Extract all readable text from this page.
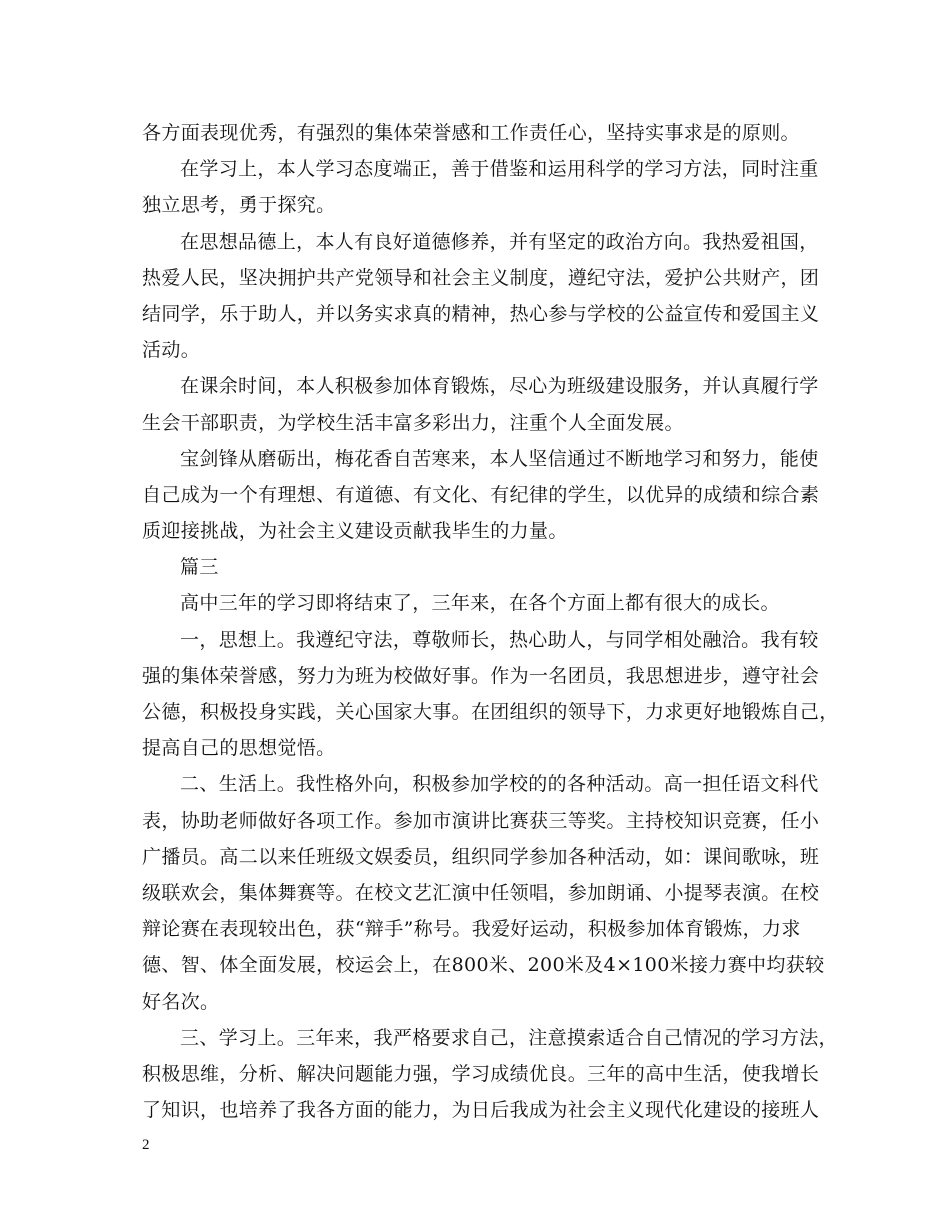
各方面表现优秀，有强烈的集体荣誉感和工作责任心，坚持实事求是的原则。
在学习上，本人学习态度端正，善于借鉴和运用科学的学习方法，同时注重
独立思考，勇于探究。
在思想品德上，本人有良好道德修养，并有坚定的政治方向。我热爱祖国，
热爱人民，坚决拥护共产党领导和社会主义制度，遵纪守法，爱护公共财产，团
结同学，乐于助人，并以务实求真的精神，热心参与学校的公益宣传和爱国主义
活动。
在课余时间，本人积极参加体育锻炼，尽心为班级建设服务，并认真履行学
生会干部职责，为学校生活丰富多彩出力，注重个人全面发展。
宝剑锋从磨砺出，梅花香自苦寒来，本人坚信通过不断地学习和努力，能使
自己成为一个有理想、有道德、有文化、有纪律的学生，以优异的成绩和综合素
质迎接挑战，为社会主义建设贡献我毕生的力量。
篇三
高中三年的学习即将结束了，三年来，在各个方面上都有很大的成长。
一，思想上。我遵纪守法，尊敬师长，热心助人，与同学相处融洽。我有较
强的集体荣誉感，努力为班为校做好事。作为一名团员，我思想进步，遵守社会
公德，积极投身实践，关心国家大事。在团组织的领导下，力求更好地锻炼自己，
提高自己的思想觉悟。
二、生活上。我性格外向，积极参加学校的的各种活动。高一担任语文科代
表，协助老师做好各项工作。参加市演讲比赛获三等奖。主持校知识竞赛，任小
广播员。高二以来任班级文娱委员，组织同学参加各种活动，如：课间歌咏，班
级联欢会，集体舞赛等。在校文艺汇演中任领唱，参加朗诵、小提琴表演。在校
辩论赛在表现较出色，获“辩手”称号。我爱好运动，积极参加体育锻炼，力求
德、智、体全面发展，校运会上，在800米、200米及4×100米接力赛中均获较
好名次。
三、学习上。三年来，我严格要求自己，注意摸索适合自己情况的学习方法，
积极思维，分析、解决问题能力强，学习成绩优良。三年的高中生活，使我增长
了知识，也培养了我各方面的能力，为日后我成为社会主义现代化建设的接班人
2
